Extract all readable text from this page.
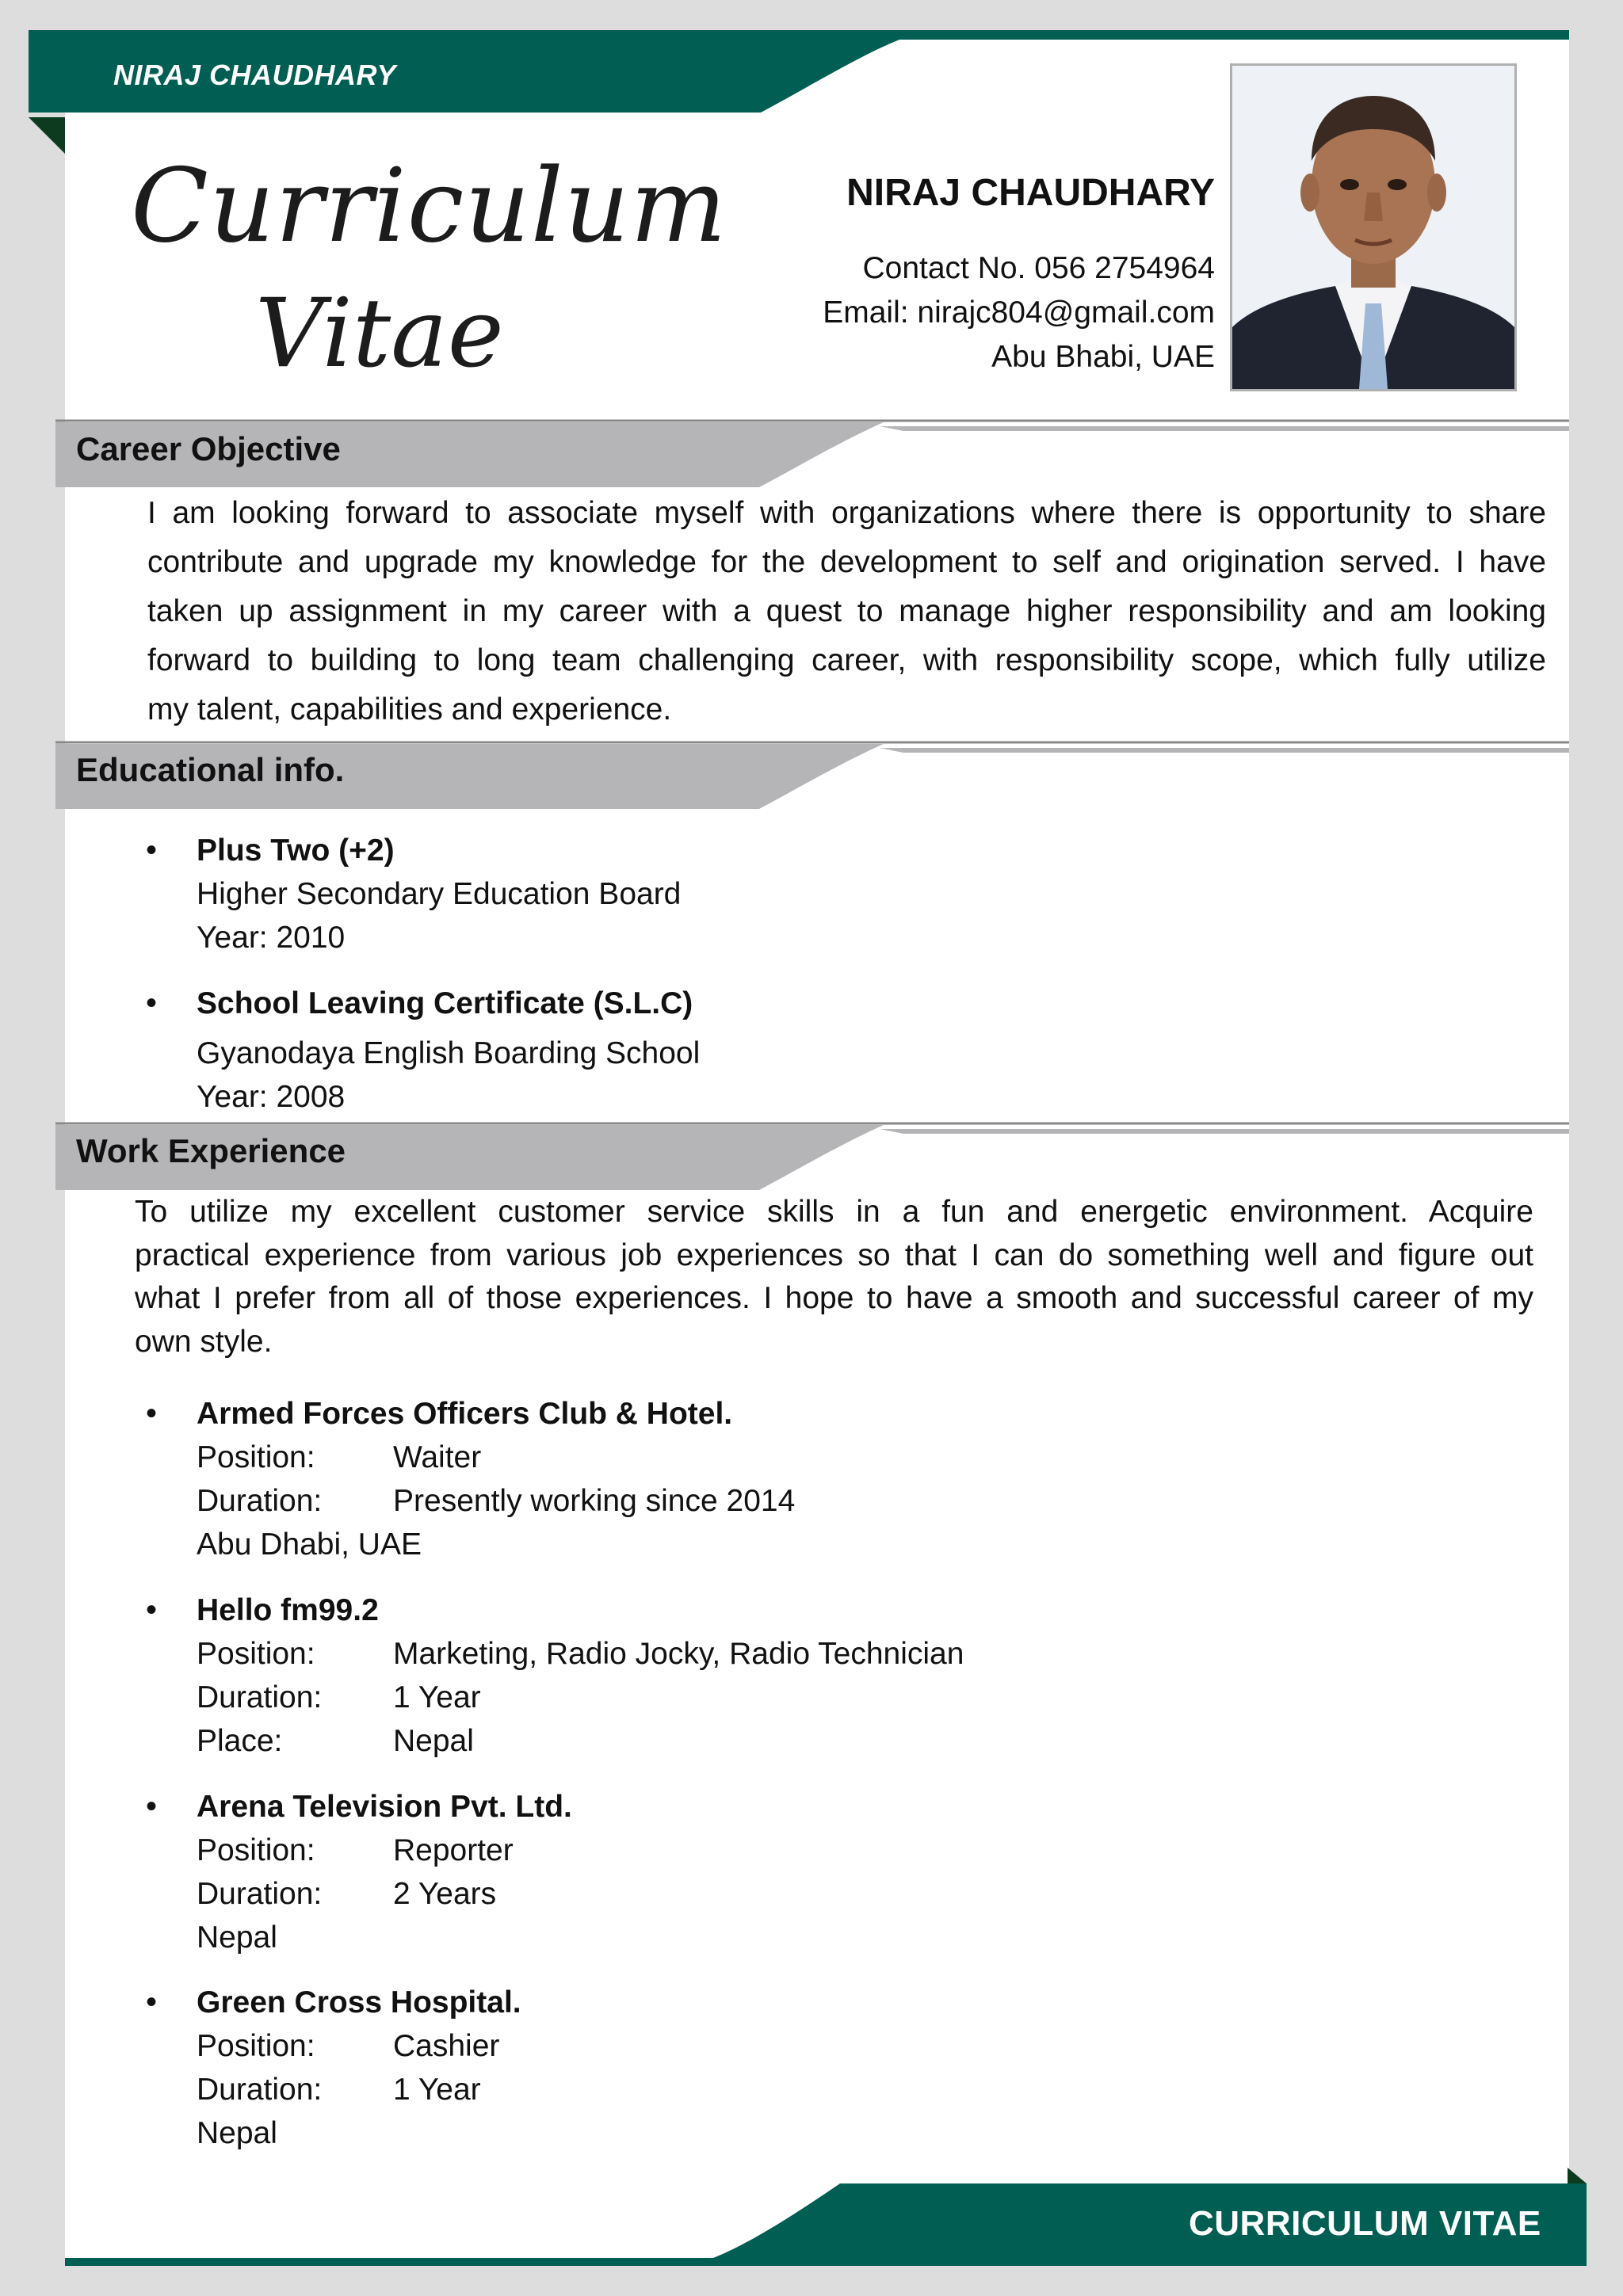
NIRAJ CHAUDHARY
Curriculum
Vitae
NIRAJ CHAUDHARY
Contact No. 056 2754964
Email: nirajc804@gmail.com
Abu Bhabi, UAE
Career Objective
I am looking forward to associate myself with organizations where there is opportunity to share
contribute and upgrade my knowledge for the development to self and origination served. I have
taken up assignment in my career with a quest to manage higher responsibility and am looking
forward to building to long team challenging career, with responsibility scope, which fully utilize
my talent, capabilities and experience.
Educational info.
• Plus Two (+2)
Higher Secondary Education Board
Year: 2010
• School Leaving Certificate (S.L.C)
Gyanodaya English Boarding School
Year: 2008
Work Experience
To utilize my excellent customer service skills in a fun and energetic environment. Acquire
practical experience from various job experiences so that I can do something well and figure out
what I prefer from all of those experiences. I hope to have a smooth and successful career of my
own style.
• Armed Forces Officers Club & Hotel.
Position:	Waiter
Duration: Presently working since 2014
Abu Dhabi, UAE
• Hello fm99.2
Position:	Marketing, Radio Jocky, Radio Technician
Duration: 1 Year
Place:	Nepal
• Arena Television Pvt. Ltd.
Position:	Reporter
Duration: 2 Years
Nepal
• Green Cross Hospital.
Position:	Cashier
Duration: 1 Year
Nepal
CURRICULUM VITAE
